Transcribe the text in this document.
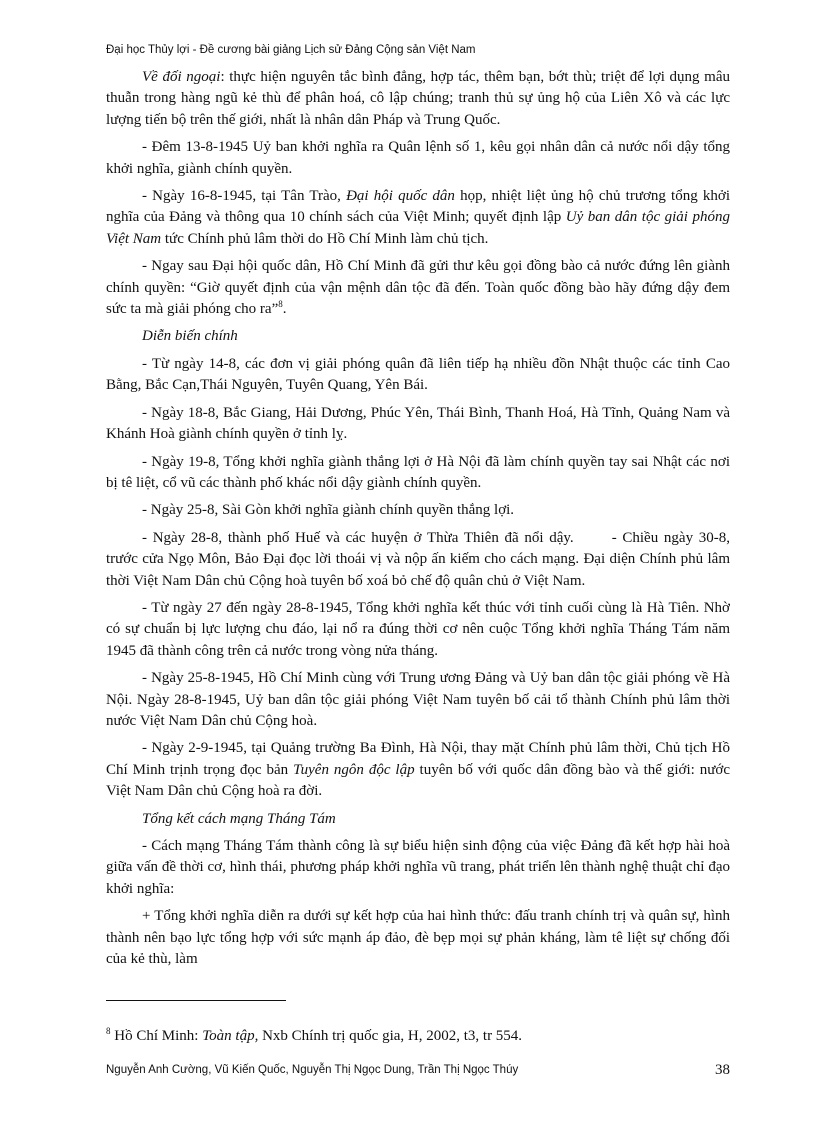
Đại học Thủy lợi - Đề cương bài giảng Lịch sử Đảng Cộng sản Việt Nam

Về đối ngoại: thực hiện nguyên tắc bình đẳng, hợp tác, thêm bạn, bớt thù; triệt để lợi dụng mâu thuẫn trong hàng ngũ kẻ thù để phân hoá, cô lập chúng; tranh thủ sự ủng hộ của Liên Xô và các lực lượng tiến bộ trên thế giới, nhất là nhân dân Pháp và Trung Quốc.

- Đêm 13-8-1945 Uỷ ban khởi nghĩa ra Quân lệnh số 1, kêu gọi nhân dân cả nước nổi dậy tổng khởi nghĩa, giành chính quyền.

- Ngày 16-8-1945, tại Tân Trào, Đại hội quốc dân họp, nhiệt liệt ủng hộ chủ trương tổng khởi nghĩa của Đảng và thông qua 10 chính sách của Việt Minh; quyết định lập Uỷ ban dân tộc giải phóng Việt Nam tức Chính phủ lâm thời do Hồ Chí Minh làm chủ tịch.

- Ngay sau Đại hội quốc dân, Hồ Chí Minh đã gửi thư kêu gọi đồng bào cả nước đứng lên giành chính quyền: “Giờ quyết định của vận mệnh dân tộc đã đến. Toàn quốc đồng bào hãy đứng dậy đem sức ta mà giải phóng cho ra”$^8$.

Diễn biến chính

- Từ ngày 14-8, các đơn vị giải phóng quân đã liên tiếp hạ nhiều đồn Nhật thuộc các tỉnh Cao Bằng, Bắc Cạn,Thái Nguyên, Tuyên Quang, Yên Bái.

- Ngày 18-8, Bắc Giang, Hải Dương, Phúc Yên, Thái Bình, Thanh Hoá, Hà Tĩnh, Quảng Nam và Khánh Hoà giành chính quyền ở tỉnh lỵ.

- Ngày 19-8, Tổng khởi nghĩa giành thắng lợi ở Hà Nội đã làm chính quyền tay sai Nhật các nơi bị tê liệt, cổ vũ các thành phố khác nổi dậy giành chính quyền.

- Ngày 25-8, Sài Gòn khởi nghĩa giành chính quyền thắng lợi.

- Ngày 28-8, thành phố Huế và các huyện ở Thừa Thiên đã nổi dậy.	- Chiều ngày 30-8, trước cửa Ngọ Môn, Bảo Đại đọc lời thoái vị và nộp ấn kiếm cho cách mạng. Đại diện Chính phủ lâm thời Việt Nam Dân chủ Cộng hoà tuyên bố xoá bỏ chế độ quân chủ ở Việt Nam.

- Từ ngày 27 đến ngày 28-8-1945, Tổng khởi nghĩa kết thúc với tỉnh cuối cùng là Hà Tiên. Nhờ có sự chuẩn bị lực lượng chu đáo, lại nổ ra đúng thời cơ nên cuộc Tổng khởi nghĩa Tháng Tám năm 1945 đã thành công trên cả nước trong vòng nửa tháng.

- Ngày 25-8-1945, Hồ Chí Minh cùng với Trung ương Đảng và Uỷ ban dân tộc giải phóng về Hà Nội. Ngày 28-8-1945, Uỷ ban dân tộc giải phóng Việt Nam tuyên bố cải tổ thành Chính phủ lâm thời nước Việt Nam Dân chủ Cộng hoà.

- Ngày 2-9-1945, tại Quảng trường Ba Đình, Hà Nội, thay mặt Chính phủ lâm thời, Chủ tịch Hồ Chí Minh trịnh trọng đọc bản Tuyên ngôn độc lập tuyên bố với quốc dân đồng bào và thế giới: nước Việt Nam Dân chủ Cộng hoà ra đời.

Tổng kết cách mạng Tháng Tám

- Cách mạng Tháng Tám thành công là sự biểu hiện sinh động của việc Đảng đã kết hợp hài hoà giữa vấn đề thời cơ, hình thái, phương pháp khởi nghĩa vũ trang, phát triển lên thành nghệ thuật chỉ đạo khởi nghĩa:

+ Tổng khởi nghĩa diễn ra dưới sự kết hợp của hai hình thức: đấu tranh chính trị và quân sự, hình thành nên bạo lực tổng hợp với sức mạnh áp đảo, đè bẹp mọi sự phản kháng, làm tê liệt sự chống đối của kẻ thù, làm

$^8$ Hồ Chí Minh: Toàn tập, Nxb Chính trị quốc gia, H, 2002, t3, tr 554.
Nguyễn Anh Cường, Vũ Kiến Quốc, Nguyễn Thị Ngọc Dung, Trần Thị Ngọc Thúy	38
